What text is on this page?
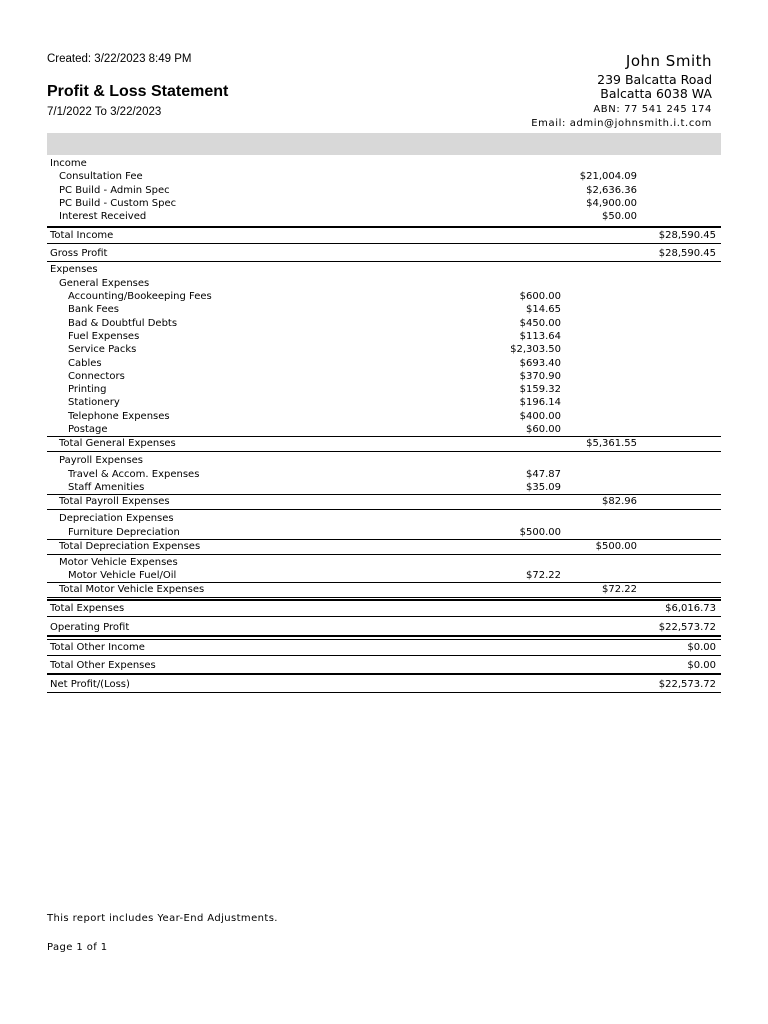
Created: 3/22/2023 8:49 PM
Profit & Loss Statement
7/1/2022 To 3/22/2023
John Smith
239 Balcatta Road
Balcatta 6038 WA
ABN: 77 541 245 174
Email: admin@johnsmith.i.t.com
Income
Consultation Fee	$21,004.09
PC Build - Admin Spec	$2,636.36
PC Build - Custom Spec	$4,900.00
Interest Received	$50.00
Total Income	$28,590.45
Gross Profit	$28,590.45
Expenses
General Expenses
Accounting/Bookeeping Fees	$600.00
Bank Fees	$14.65
Bad & Doubtful Debts	$450.00
Fuel Expenses	$113.64
Service Packs	$2,303.50
Cables	$693.40
Connectors	$370.90
Printing	$159.32
Stationery	$196.14
Telephone Expenses	$400.00
Postage	$60.00
Total General Expenses	$5,361.55
Payroll Expenses
Travel & Accom. Expenses	$47.87
Staff Amenities	$35.09
Total Payroll Expenses	$82.96
Depreciation Expenses
Furniture Depreciation	$500.00
Total Depreciation Expenses	$500.00
Motor Vehicle Expenses
Motor Vehicle Fuel/Oil	$72.22
Total Motor Vehicle Expenses	$72.22
Total Expenses	$6,016.73
Operating Profit	$22,573.72
Total Other Income	$0.00
Total Other Expenses	$0.00
Net Profit/(Loss)	$22,573.72
This report includes Year-End Adjustments.
Page 1 of 1
